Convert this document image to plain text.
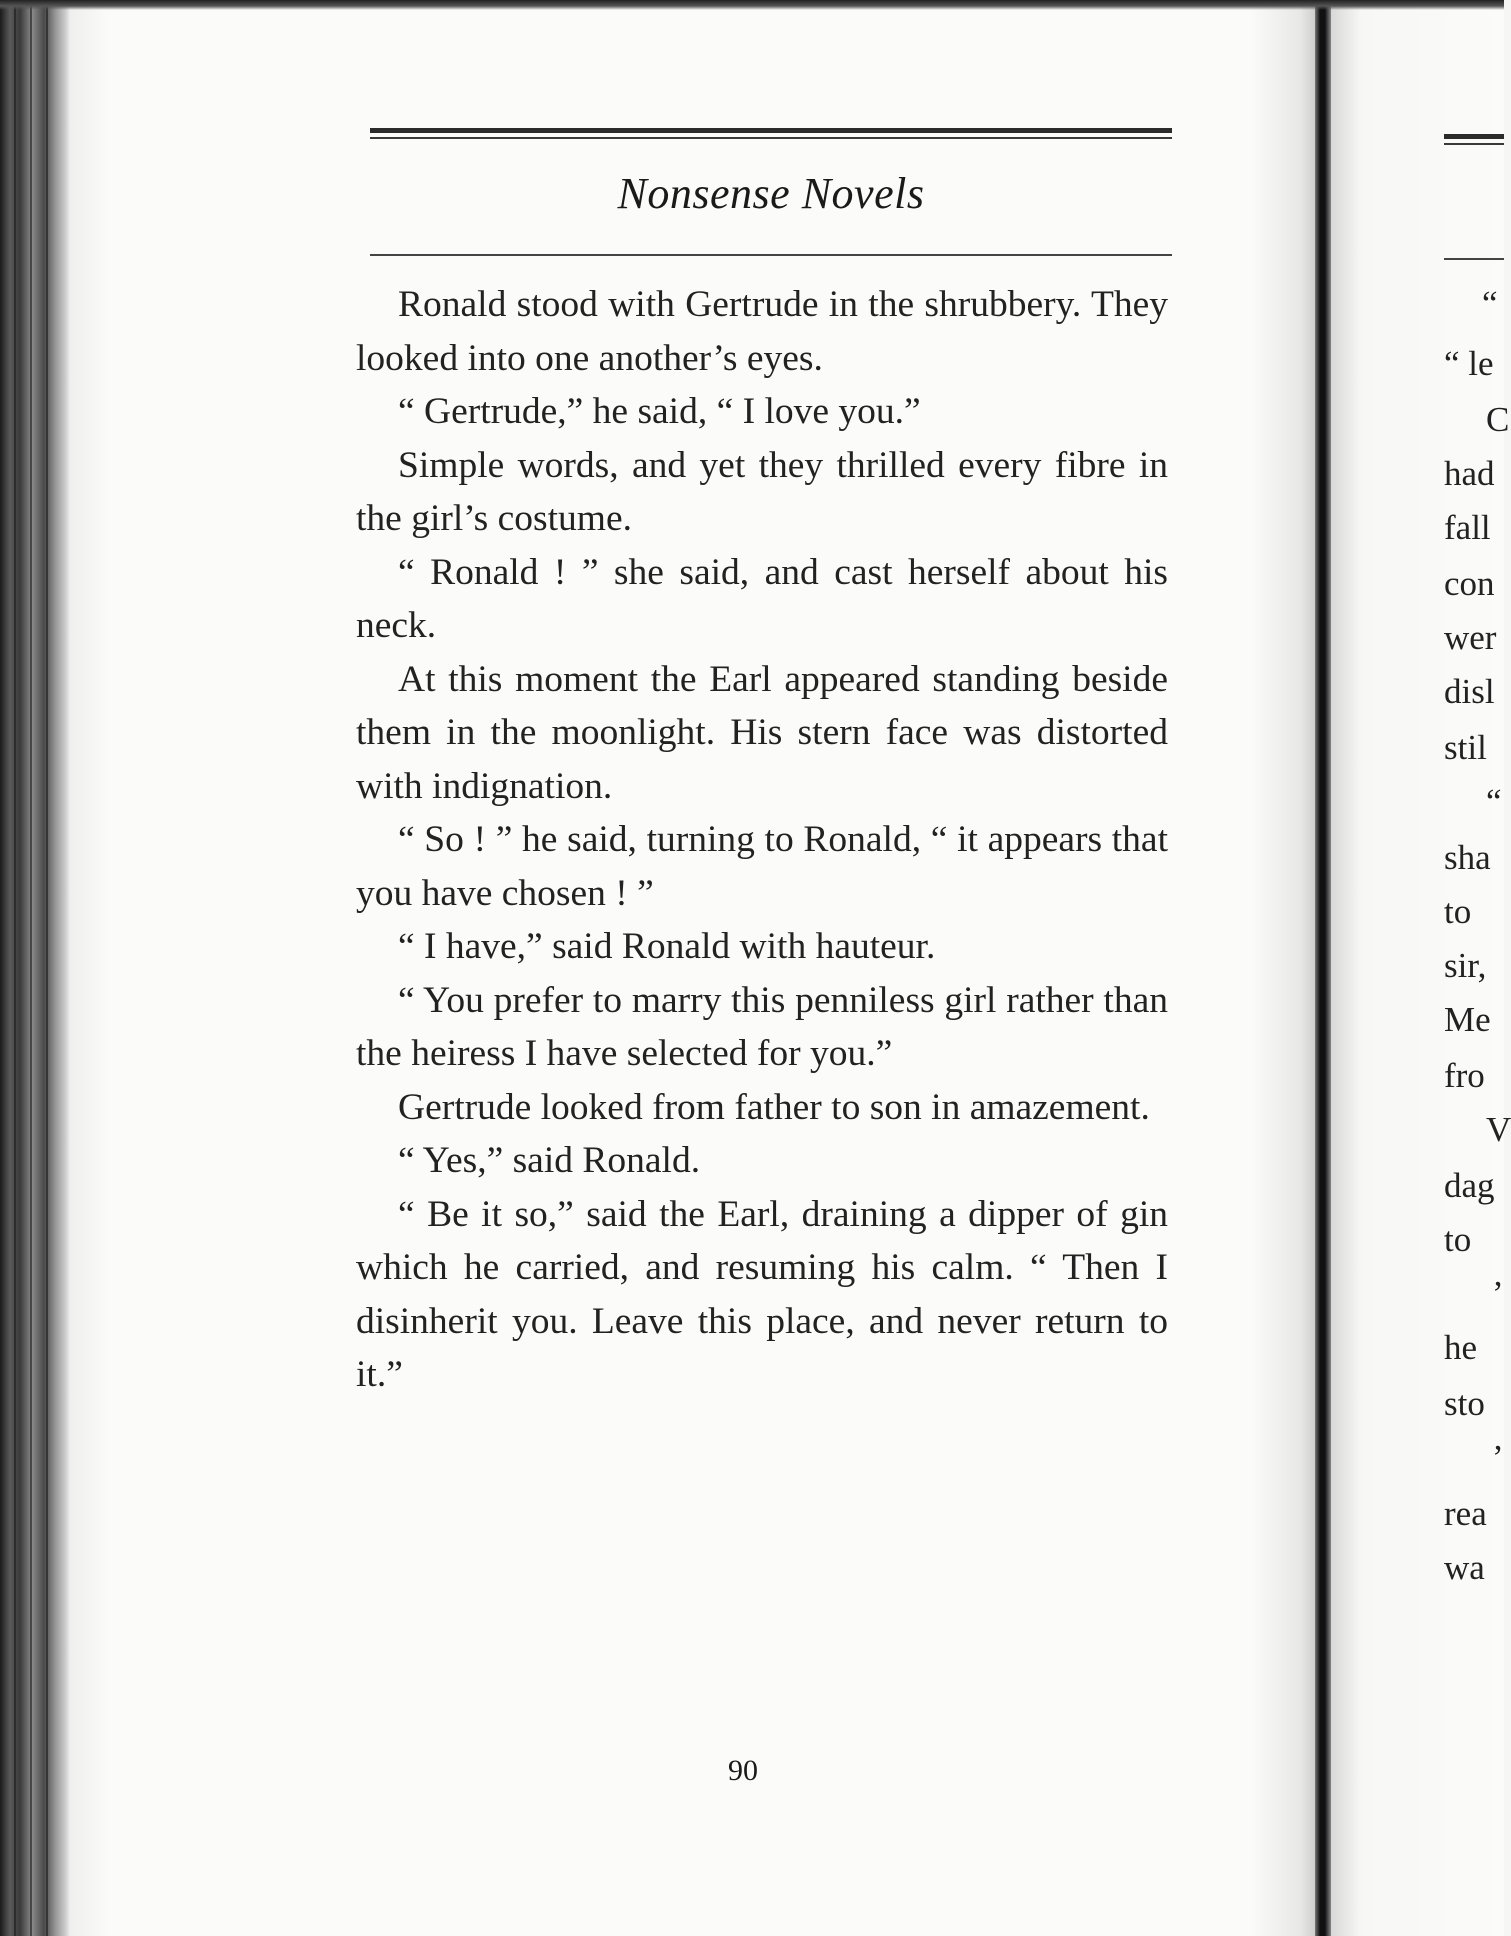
Nonsense Novels

Ronald stood with Gertrude in the shrubbery. They looked into one another’s eyes.

“ Gertrude,” he said, “ I love you.”

Simple words, and yet they thrilled every fibre in the girl’s costume.

“ Ronald ! ” she said, and cast herself about his neck.

At this moment the Earl appeared standing beside them in the moonlight. His stern face was distorted with indignation.

“ So ! ” he said, turning to Ronald, “ it appears that you have chosen ! ”

“ I have,” said Ronald with hauteur.

“ You prefer to marry this penniless girl rather than the heiress I have selected for you.”

Gertrude looked from father to son in amazement.

“ Yes,” said Ronald.

“ Be it so,” said the Earl, draining a dipper of gin which he carried, and resuming his calm. “ Then I disinherit you. Leave this place, and never return to it.”

90
“
“ le
C
had
fall
con
wer
disl
stil
“
sha
to
sir,
Me
fro
V
dag
to
’
he
sto
’
rea
wa
